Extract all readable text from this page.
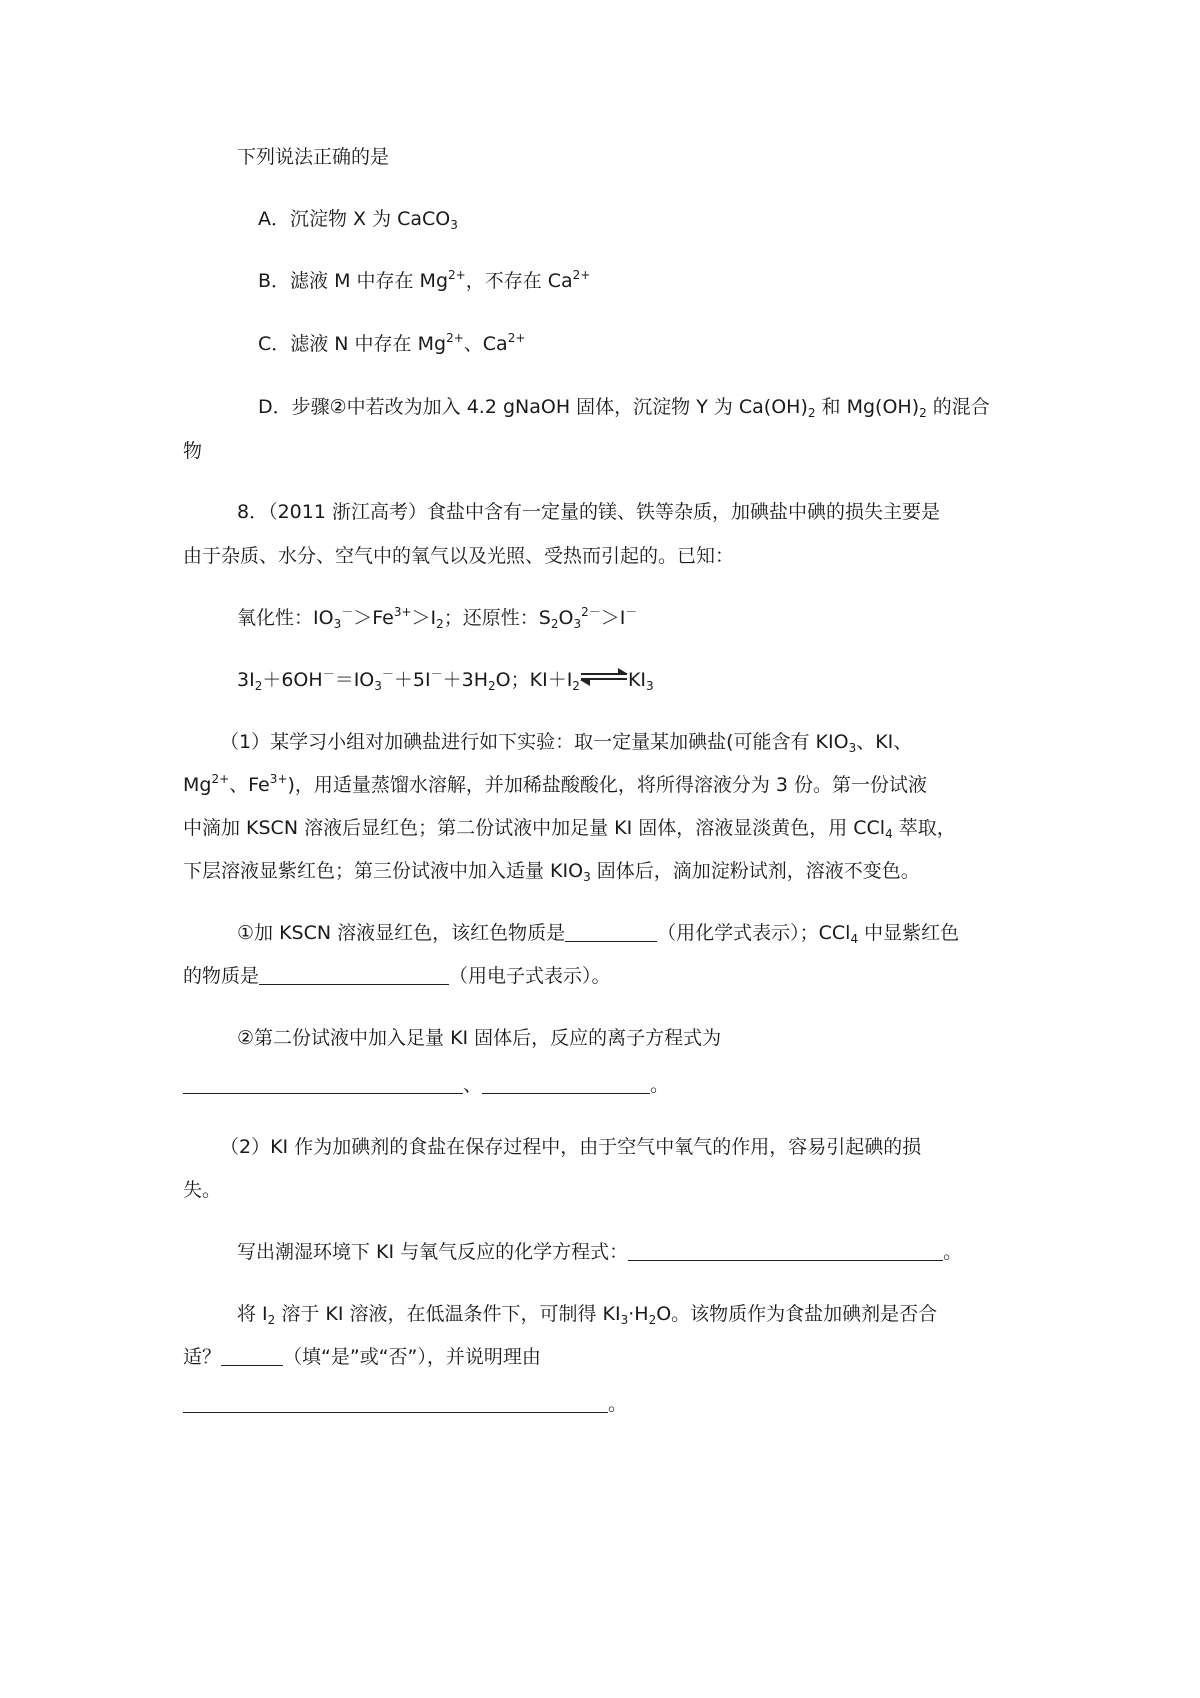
下列说法正确的是
A．沉淀物 X 为 CaCO$_3$
B．滤液 M 中存在 $Mg^{2+}$，不存在 $Ca^{2+}$
C．滤液 N 中存在 $Mg^{2+}$、$Ca^{2+}$
D．步骤②中若改为加入 4.2 gNaOH 固体，沉淀物 Y 为 $Ca(OH)_2$ 和 $Mg(OH)_2$ 的混合
物
8．（2011 浙江高考）食盐中含有一定量的镁、铁等杂质，加碘盐中碘的损失主要是
由于杂质、水分、空气中的氧气以及光照、受热而引起的。已知：
氧化性：$IO_3^->Fe^{3+}>I_2$；还原性：$S_2O_3^{2-}>I^-$
$3I_2+6OH^-=IO_3^-+5I^-+3H_2O$；$KI+I_2$ $\rightleftharpoons KI_3$
（1）某学习小组对加碘盐进行如下实验：取一定量某加碘盐(可能含有 $KIO_3$、KI、
$Mg^{2+}$、$Fe^{3+}$)，用适量蒸馏水溶解，并加稀盐酸酸化，将所得溶液分为 3 份。第一份试液
中滴加 KSCN 溶液后显红色；第二份试液中加足量 KI 固体，溶液显淡黄色，用 CCl$_4$ 萃取，
下层溶液显紫红色；第三份试液中加入适量 $KIO_3$ 固体后，滴加淀粉试剂，溶液不变色。
①加 KSCN 溶液显红色，该红色物质是	（用化学式表示）；CCl$_4$ 中显紫红色
的物质是	（用电子式表示）。
②第二份试液中加入足量 KI 固体后，反应的离子方程式为
、	。
（2）KI 作为加碘剂的食盐在保存过程中，由于空气中氧气的作用，容易引起碘的损
失。
写出潮湿环境下 KI 与氧气反应的化学方程式：	。
将 $I_2$ 溶于 KI 溶液，在低温条件下，可制得 $KI_3\cdot H_2O$。该物质作为食盐加碘剂是否合
适？	（填“是”或“否”），并说明理由
。
